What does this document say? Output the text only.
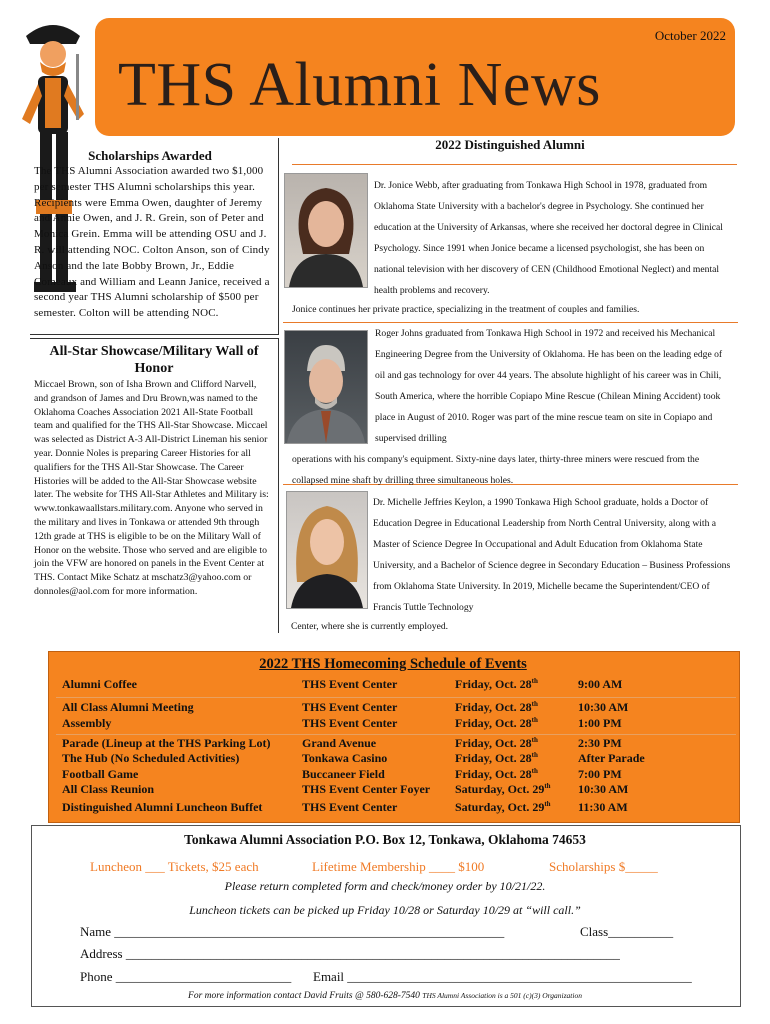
October 2022
THS Alumni News
Scholarships Awarded
The THS Alumni Association awarded two $1,000 per semester THS Alumni scholarships this year. Recipients were Emma Owen, daughter of Jeremy and Annie Owen, and J. R. Grein, son of Peter and Monica Grein. Emma will be attending OSU and J. R. will attending NOC. Colton Anson, son of Cindy Anson and the late Bobby Brown, Jr., Eddie Comeaux and William and Leann Janice, received a second year THS Alumni scholarship of $500 per semester. Colton will be attending NOC.
All-Star Showcase/Military Wall of Honor
Miccael Brown, son of Isha Brown and Clifford Narvell, and grandson of James and Dru Brown,was named to the Oklahoma Coaches Association 2021 All-State Football team and qualified for the THS All-Star Showcase. Miccael was selected as District A-3 All-District Lineman his senior year. Donnie Noles is preparing Career Histories for all qualifiers for the THS All-Star Showcase. The Career Histories will be added to the All-Star Showcase website later. The website for THS All-Star Athletes and Military is: www.tonkawaallstars.military.com. Anyone who served in the military and lives in Tonkawa or attended 9th through 12th grade at THS is eligible to be on the Military Wall of Honor on the website. Those who served and are eligible to join the VFW are honored on panels in the Event Center at THS. Contact Mike Schatz at mschatz3@yahoo.com or donnoles@aol.com for more information.
2022 Distinguished Alumni
Dr. Jonice Webb, after graduating from Tonkawa High School in 1978, graduated from Oklahoma State University with a bachelor's degree in Psychology. She continued her education at the University of Arkansas, where she received her doctoral degree in Clinical Psychology. Since 1991 when Jonice became a licensed psychologist, she has been on national television with her discovery of CEN (Childhood Emotional Neglect) and mental health problems and recovery.
Jonice continues her private practice, specializing in the treatment of couples and families.
Roger Johns graduated from Tonkawa High School in 1972 and received his Mechanical Engineering Degree from the University of Oklahoma. He has been on the leading edge of oil and gas technology for over 44 years. The absolute highlight of his career was in Chili, South America, where the horrible Copiapo Mine Rescue (Chilean Mining Accident) took place in August of 2010. Roger was part of the mine rescue team on site in Copiapo and supervised drilling
operations with his company's equipment. Sixty-nine days later, thirty-three miners were rescued from the collapsed mine shaft by drilling three simultaneous holes.
Dr. Michelle Jeffries Keylon, a 1990 Tonkawa High School graduate, holds a Doctor of Education Degree in Educational Leadership from North Central University, along with a Master of Science Degree In Occupational and Adult Education from Oklahoma State University, and a Bachelor of Science degree in Secondary Education – Business Professions from Oklahoma State University. In 2019, Michelle became the Superintendent/CEO of Francis Tuttle Technology
Center, where she is currently employed.
2022 THS Homecoming Schedule of Events
Alumni Coffee	THS Event Center	Friday, Oct. 28th	9:00 AM
All Class Alumni Meeting	THS Event Center	Friday, Oct. 28th	10:30 AM
Assembly	THS Event Center	Friday, Oct. 28th	1:00 PM
Parade (Lineup at the THS Parking Lot)	Grand Avenue	Friday, Oct. 28th	2:30 PM
The Hub (No Scheduled Activities)	Tonkawa Casino	Friday, Oct. 28th	After Parade
Football Game	Buccaneer Field	Friday, Oct. 28th	7:00 PM
All Class Reunion	THS Event Center Foyer Saturday, Oct. 29th 10:30 AM
Distinguished Alumni Luncheon Buffet	THS Event Center	Saturday, Oct. 29th 11:30 AM
Tonkawa Alumni Association P.O. Box 12, Tonkawa, Oklahoma 74653
Luncheon ___ Tickets, $25 each	Lifetime Membership ____ $100	Scholarships $_____
Please return completed form and check/money order by 10/21/22.
Luncheon tickets can be picked up Friday 10/28 or Saturday 10/29 at “will call.”
Name ____________________________________________________________	Class__________
Address ____________________________________________________________________________
Phone ___________________________ Email _____________________________________________________
For more information contact David Fruits @ 580-628-7540 THS Alumni Association is a 501 (c)(3) Organization
